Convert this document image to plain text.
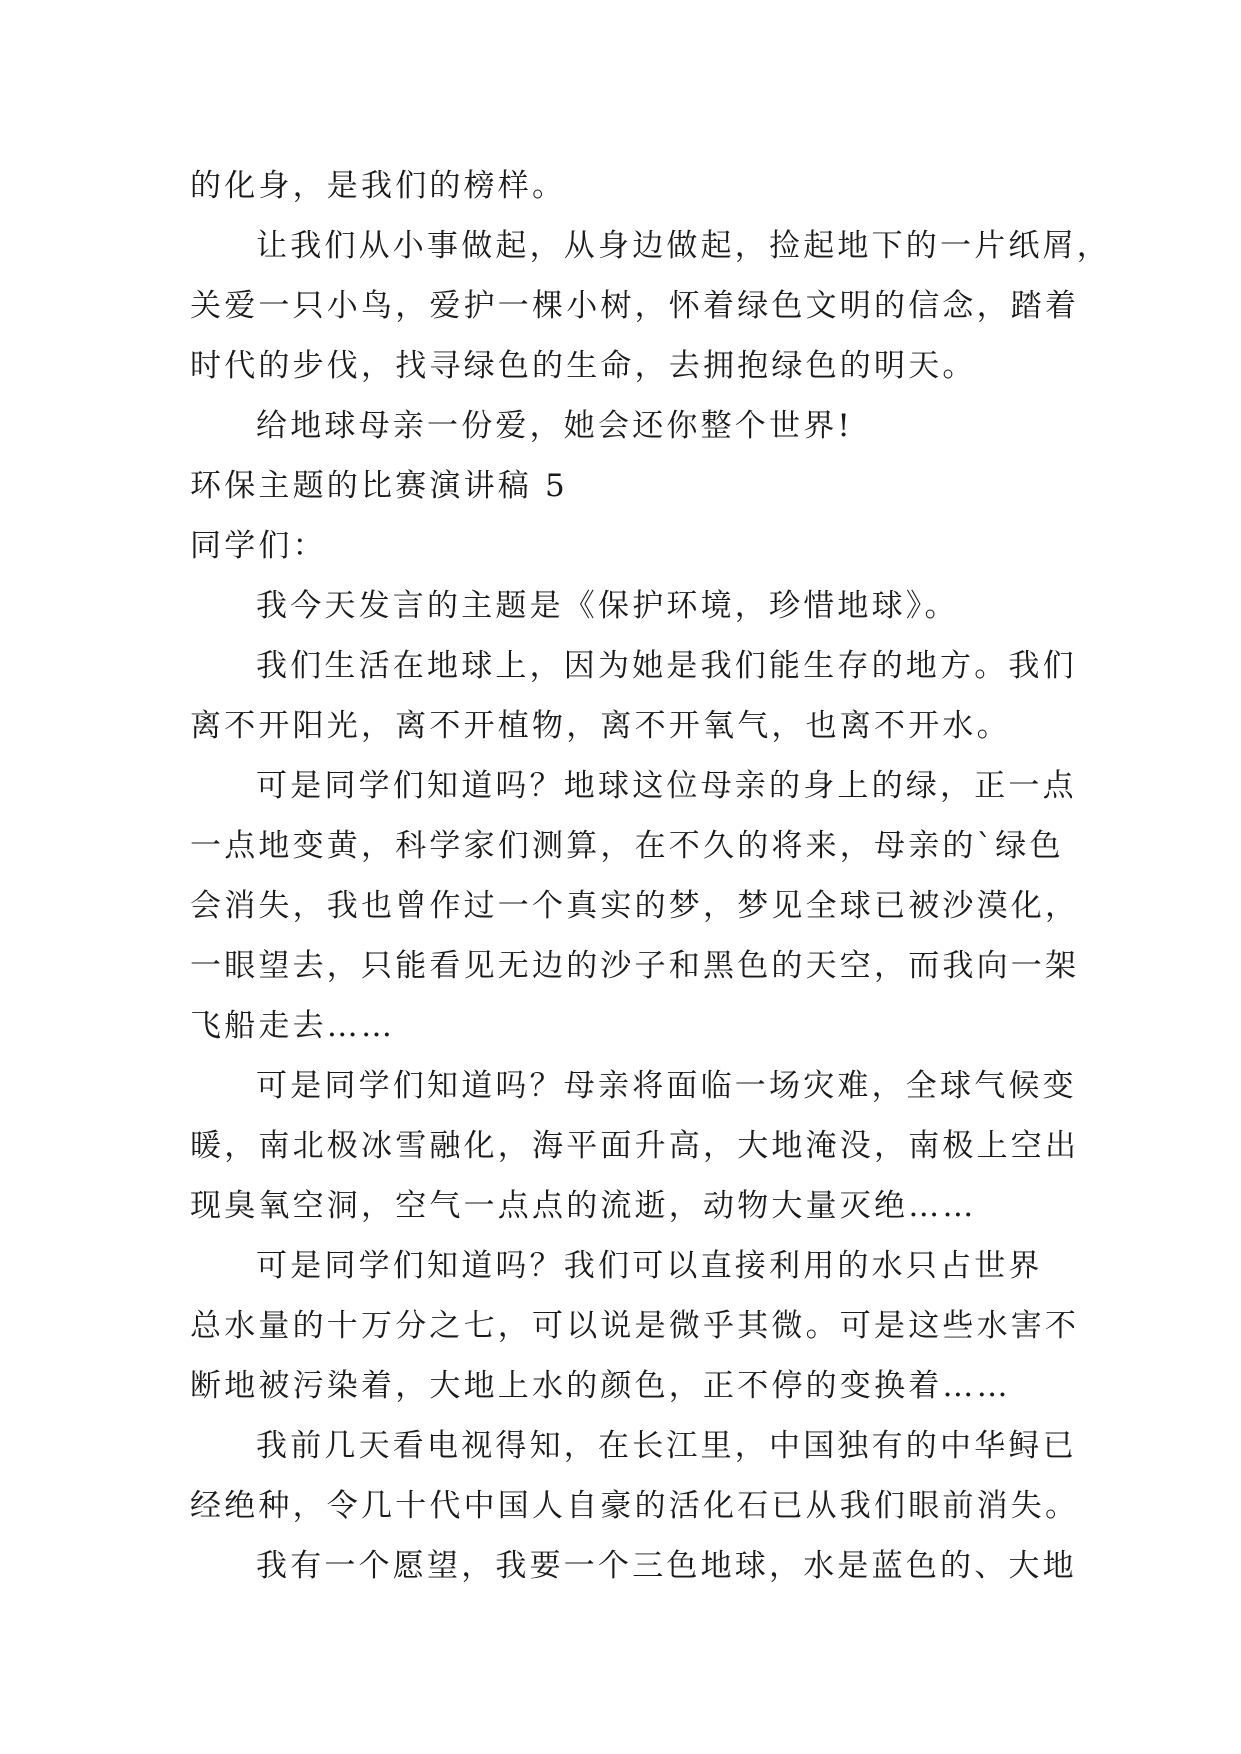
的化身，是我们的榜样。
让我们从小事做起，从身边做起，捡起地下的一片纸屑，
关爱一只小鸟，爱护一棵小树，怀着绿色文明的信念，踏着
时代的步伐，找寻绿色的生命，去拥抱绿色的明天。
给地球母亲一份爱，她会还你整个世界!
环保主题的比赛演讲稿 5
同学们：
我今天发言的主题是《保护环境，珍惜地球》。
我们生活在地球上，因为她是我们能生存的地方。我们
离不开阳光，离不开植物，离不开氧气，也离不开水。
可是同学们知道吗？地球这位母亲的身上的绿，正一点
一点地变黄，科学家们测算，在不久的将来，母亲的`绿色
会消失，我也曾作过一个真实的梦，梦见全球已被沙漠化，
一眼望去，只能看见无边的沙子和黑色的天空，而我向一架
飞船走去……
可是同学们知道吗？母亲将面临一场灾难，全球气候变
暖，南北极冰雪融化，海平面升高，大地淹没，南极上空出
现臭氧空洞，空气一点点的流逝，动物大量灭绝……
可是同学们知道吗？我们可以直接利用的水只占世界
总水量的十万分之七，可以说是微乎其微。可是这些水害不
断地被污染着，大地上水的颜色，正不停的变换着……
我前几天看电视得知，在长江里，中国独有的中华鲟已
经绝种，令几十代中国人自豪的活化石已从我们眼前消失。
我有一个愿望，我要一个三色地球，水是蓝色的、大地
